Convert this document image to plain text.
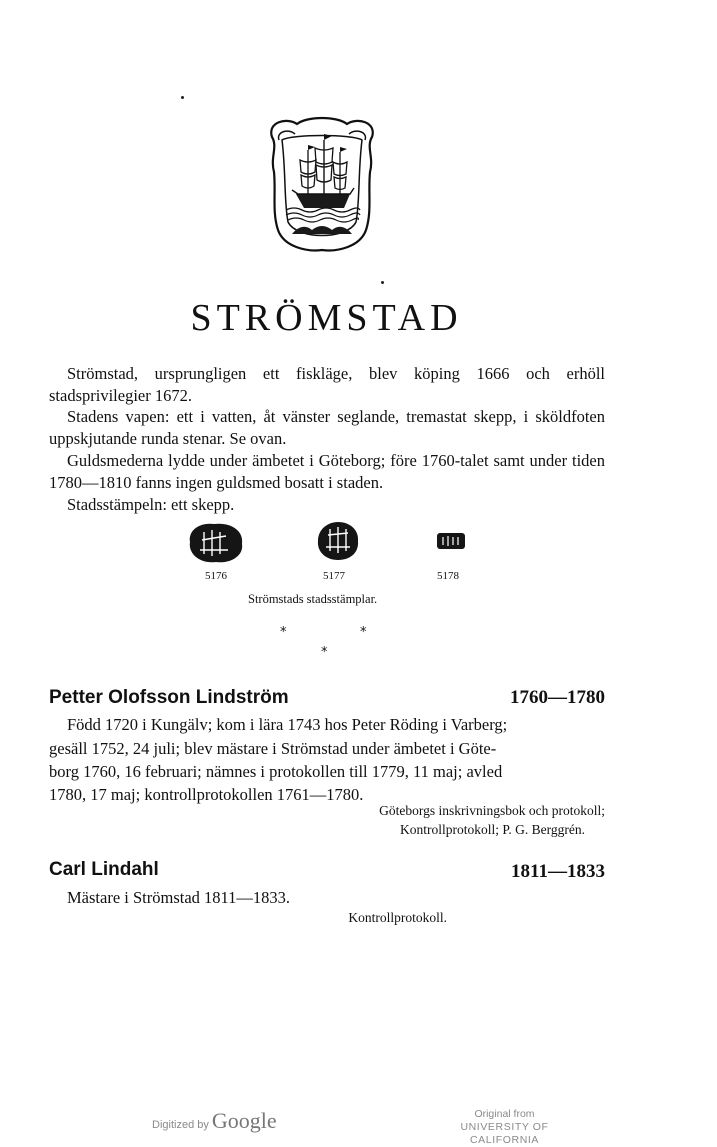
STRÖMSTAD
Strömstad, ursprungligen ett fiskläge, blev köping 1666 och erhöll stadsprivilegier 1672.
Stadens vapen: ett i vatten, åt vänster seglande, tremastat skepp, i sköldfoten uppskjutande runda stenar. Se ovan.
Guldsmederna lydde under ämbetet i Göteborg; före 1760-talet samt under tiden 1780—1810 fanns ingen guldsmed bosatt i staden.
Stadsstämpeln: ett skepp.
5176	5177	5178
Strömstads stadsstämplar.
*	*
*
Petter Olofsson Lindström	1760—1780
Född 1720 i Kungälv; kom i lära 1743 hos Peter Röding i Varberg;
gesäll 1752, 24 juli; blev mästare i Strömstad under ämbetet i Göte-
borg 1760, 16 februari; nämnes i protokollen till 1779, 11 maj; avled
1780, 17 maj; kontrollprotokollen 1761—1780.
Göteborgs inskrivningsbok och protokoll;
Kontrollprotokoll; P. G. Berggrén.
Carl Lindahl	1811—1833
Mästare i Strömstad 1811—1833.
Kontrollprotokoll.
Digitized by Google	Original from
UNIVERSITY OF CALIFORNIA
